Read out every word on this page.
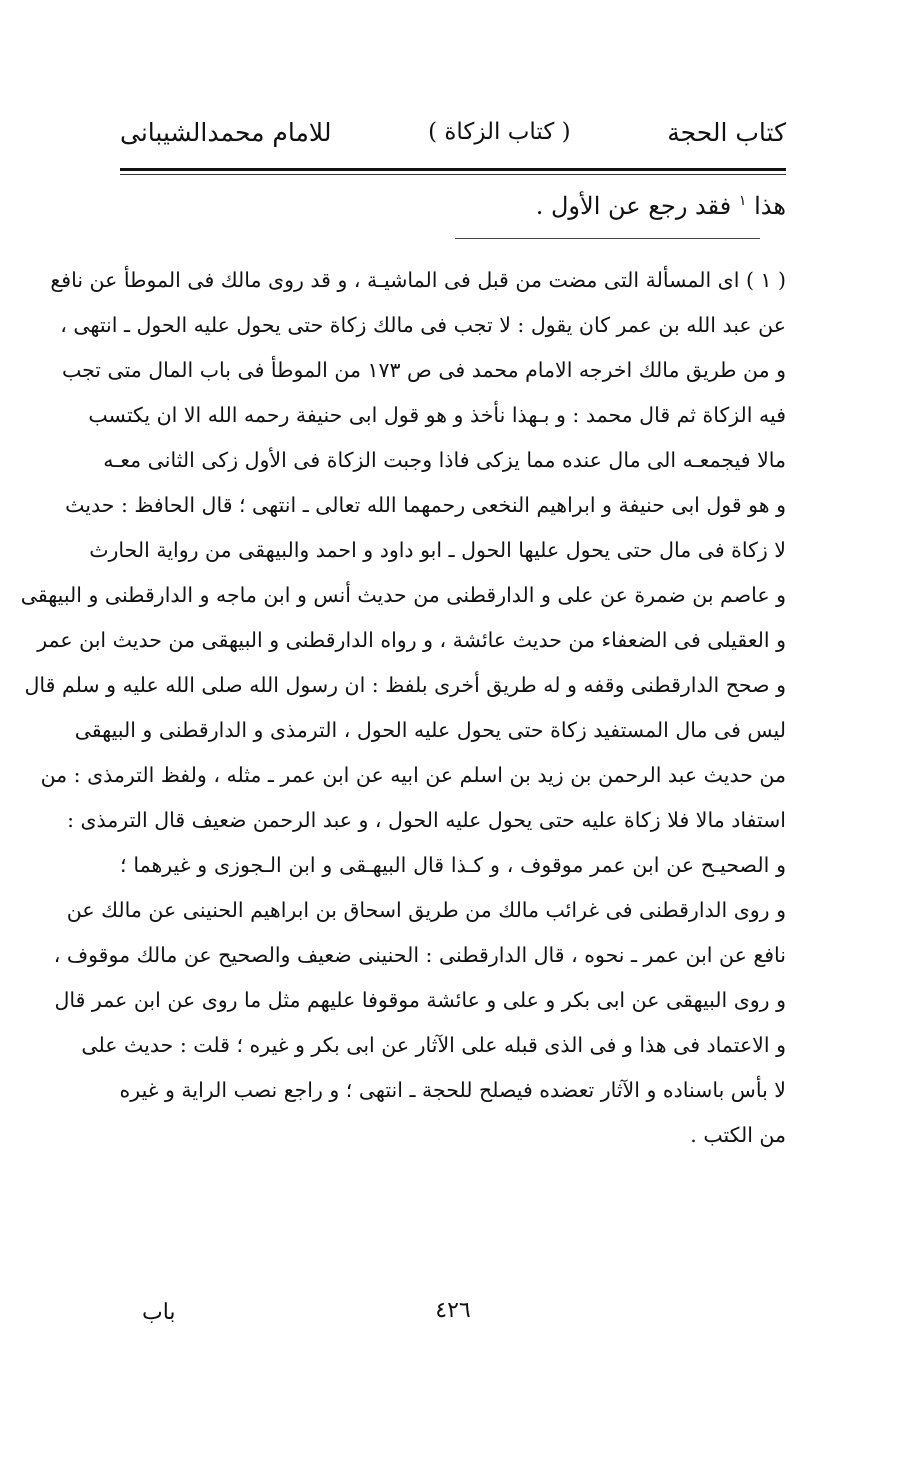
كتاب الحجة
( كتاب الزكاة )
للامام محمدالشيبانى
هذا $^١$ فقد رجع عن الأول .
( ١ ) اى المسألة التى مضت من قبل فى الماشيـة ، و قد روى مالك فى الموطأ عن نافع
عن عبد الله بن عمر كان يقول : لا تجب فى مالك زكاة حتى يحول عليه الحول ـ انتهى ،
و من طريق مالك اخرجه الامام محمد فى ص ١٧٣ من الموطأ فى باب المال متى تجب
فيه الزكاة ثم قال محمد : و بـهذا نأخذ و هو قول ابى حنيفة رحمه الله الا ان يكتسب
مالا فيجمعـه الى مال عنده مما يزكى فاذا وجبت الزكاة فى الأول زكى الثانى معـه
و هو قول ابى حنيفة و ابراهيم النخعى رحمهما الله تعالى ـ انتهى ؛ قال الحافظ : حديث
لا زكاة فى مال حتى يحول عليها الحول ـ ابو داود و احمد والبيهقى من رواية الحارث
و عاصم بن ضمرة عن على و الدارقطنى من حديث أنس و ابن ماجه و الدارقطنى و البيهقى
و العقيلى فى الضعفاء من حديث عائشة ، و رواه الدارقطنى و البيهقى من حديث ابن عمر
و صحح الدارقطنى وقفه و له طريق أخرى بلفظ : ان رسول الله صلى الله عليه و سلم قال
ليس فى مال المستفيد زكاة حتى يحول عليه الحول ، الترمذى و الدارقطنى و البيهقى
من حديث عبد الرحمن بن زيد بن اسلم عن ابيه عن ابن عمر ـ مثله ، ولفظ الترمذى : من
استفاد مالا فلا زكاة عليه حتى يحول عليه الحول ، و عبد الرحمن ضعيف قال الترمذى :
و الصحيـح عن ابن عمر موقوف ، و كـذا قال البيهـقى و ابن الـجوزى و غيرهما ؛
و روى الدارقطنى فى غرائب مالك من طريق اسحاق بن ابراهيم الحنينى عن مالك عن
نافع عن ابن عمر ـ نحوه ، قال الدارقطنى : الحنينى ضعيف والصحيح عن مالك موقوف ،
و روى البيهقى عن ابى بكر و على و عائشة موقوفا عليهم مثل ما روى عن ابن عمر قال
و الاعتماد فى هذا و فى الذى قبله على الآثار عن ابى بكر و غيره ؛ قلت : حديث على
لا بأس باسناده و الآثار تعضده فيصلح للحجة ـ انتهى ؛ و راجع نصب الراية و غيره
من الكتب .
٤٢٦
باب
